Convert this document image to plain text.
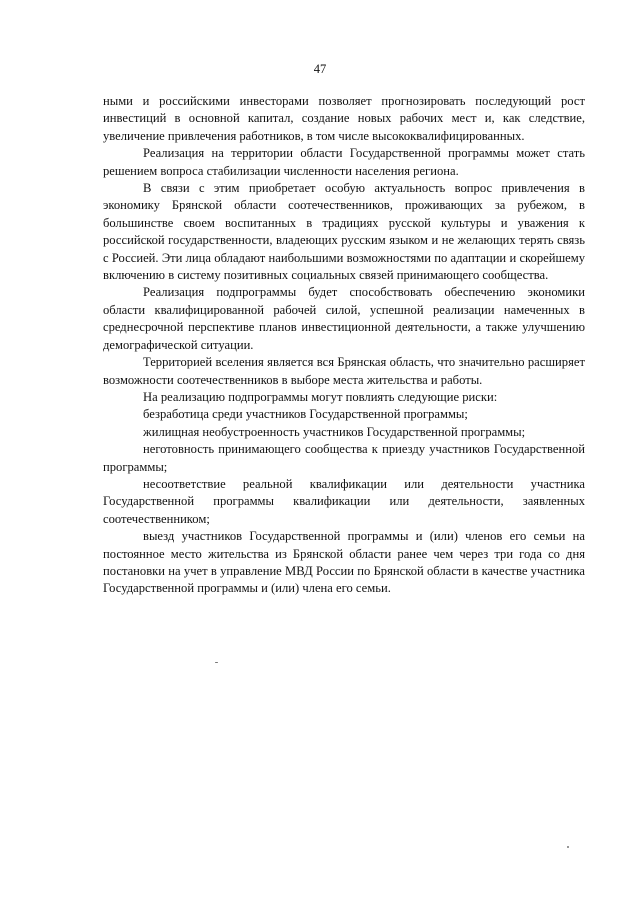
47

ными и российскими инвесторами позволяет прогнозировать последующий рост инвестиций в основной капитал, создание новых рабочих мест и, как следствие, увеличение привлечения работников, в том числе высококвалифицированных.

Реализация на территории области Государственной программы может стать решением вопроса стабилизации численности населения региона.

В связи с этим приобретает особую актуальность вопрос привлечения в экономику Брянской области соотечественников, проживающих за рубежом, в большинстве своем воспитанных в традициях русской культуры и уважения к российской государственности, владеющих русским языком и не желающих терять связь с Россией. Эти лица обладают наибольшими возможностями по адаптации и скорейшему включению в систему позитивных социальных связей принимающего сообщества.

Реализация подпрограммы будет способствовать обеспечению экономики области квалифицированной рабочей силой, успешной реализации намеченных в среднесрочной перспективе планов инвестиционной деятельности, а также улучшению демографической ситуации.

Территорией вселения является вся Брянская область, что значительно расширяет возможности соотечественников в выборе места жительства и работы.

На реализацию подпрограммы могут повлиять следующие риски:

безработица среди участников Государственной программы;

жилищная необустроенность участников Государственной программы;

неготовность принимающего сообщества к приезду участников Государственной программы;

несоответствие реальной квалификации или деятельности участника Государственной программы квалификации или деятельности, заявленных соотечественником;

выезд участников Государственной программы и (или) членов его семьи на постоянное место жительства из Брянской области ранее чем через три года со дня постановки на учет в управление МВД России по Брянской области в качестве участника Государственной программы и (или) члена его семьи.
